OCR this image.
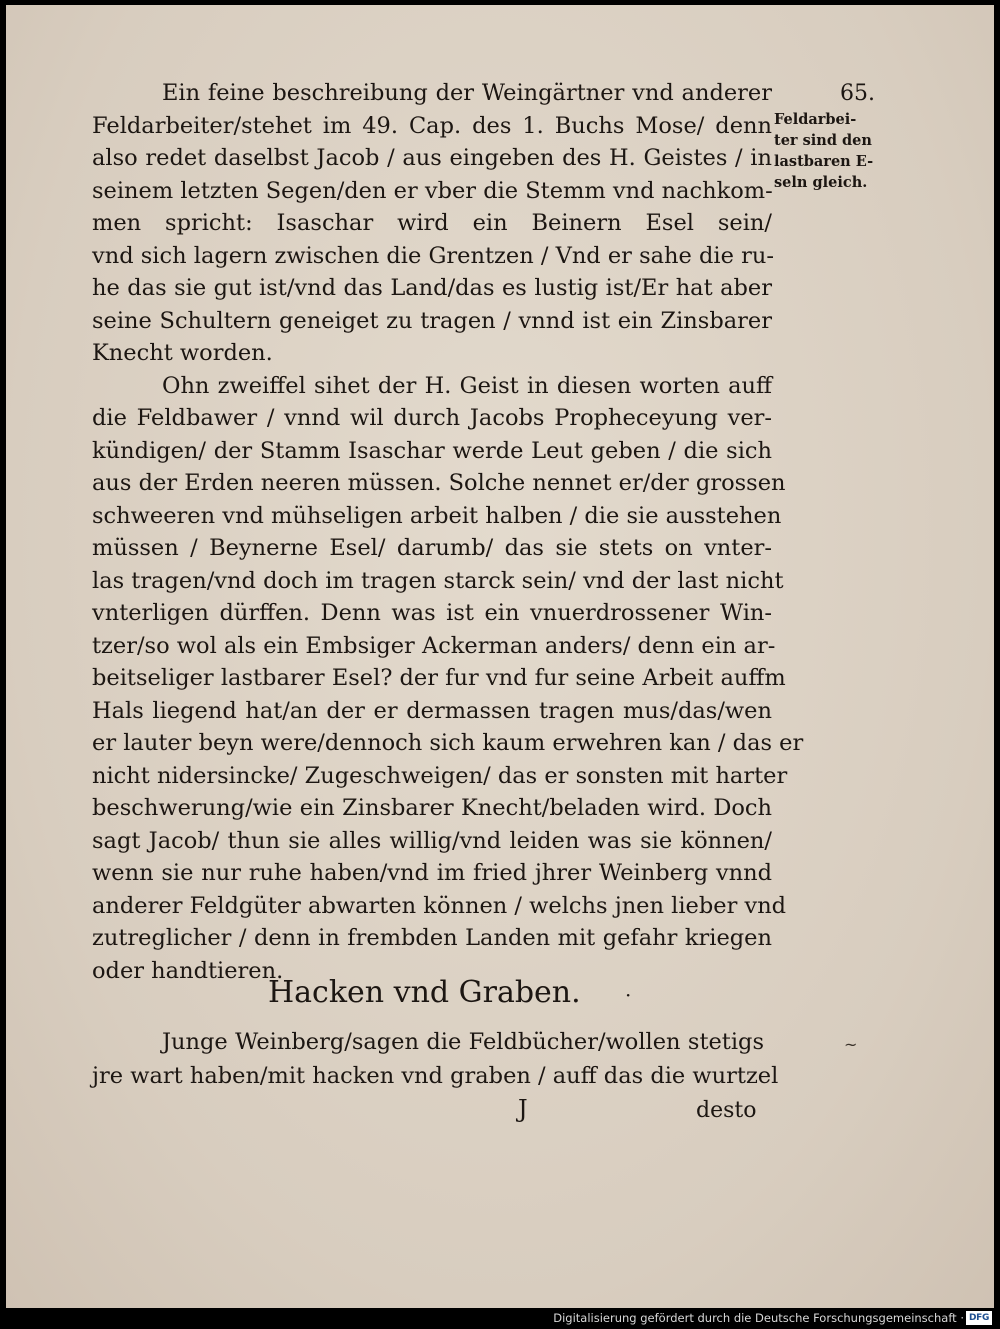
65.
Feldarbei-
ter sind den
lastbaren E-
seln gleich.
Ein feine beschreibung der Weingärtner vnd anderer
Feldarbeiter/stehet im 49. Cap. des 1. Buchs Mose/ denn
also redet daselbst Jacob / aus eingeben des H. Geistes / in
seinem letzten Segen/den er vber die Stemm vnd nachkom-
men spricht: Isaschar wird ein Beinern Esel sein/
vnd sich lagern zwischen die Grentzen / Vnd er sahe die ru-
he das sie gut ist/vnd das Land/das es lustig ist/Er hat aber
seine Schultern geneiget zu tragen / vnnd ist ein Zinsbarer
Knecht worden.
Ohn zweiffel sihet der H. Geist in diesen worten auff
die Feldbawer / vnnd wil durch Jacobs Propheceyung ver-
kündigen/ der Stamm Isaschar werde Leut geben / die sich
aus der Erden neeren müssen. Solche nennet er/der grossen
schweeren vnd mühseligen arbeit halben / die sie ausstehen
müssen / Beynerne Esel/ darumb/ das sie stets on vnter-
las tragen/vnd doch im tragen starck sein/ vnd der last nicht
vnterligen dürffen. Denn was ist ein vnuerdrossener Win-
tzer/so wol als ein Embsiger Ackerman anders/ denn ein ar-
beitseliger lastbarer Esel? der fur vnd fur seine Arbeit auffm
Hals liegend hat/an der er dermassen tragen mus/das/wen
er lauter beyn were/dennoch sich kaum erwehren kan / das er
nicht nidersincke/ Zugeschweigen/ das er sonsten mit harter
beschwerung/wie ein Zinsbarer Knecht/beladen wird. Doch
sagt Jacob/ thun sie alles willig/vnd leiden was sie können/
wenn sie nur ruhe haben/vnd im fried jhrer Weinberg vnnd
anderer Feldgüter abwarten können / welchs jnen lieber vnd
zutreglicher / denn in frembden Landen mit gefahr kriegen
oder handtieren.
Hacken vnd Graben. ·
Junge Weinberg/sagen die Feldbücher/wollen stetigs
jre wart haben/mit hacken vnd graben / auff das die wurtzel
~
J	desto
Digitalisierung gefördert durch die Deutsche Forschungsgemeinschaft · DFG
